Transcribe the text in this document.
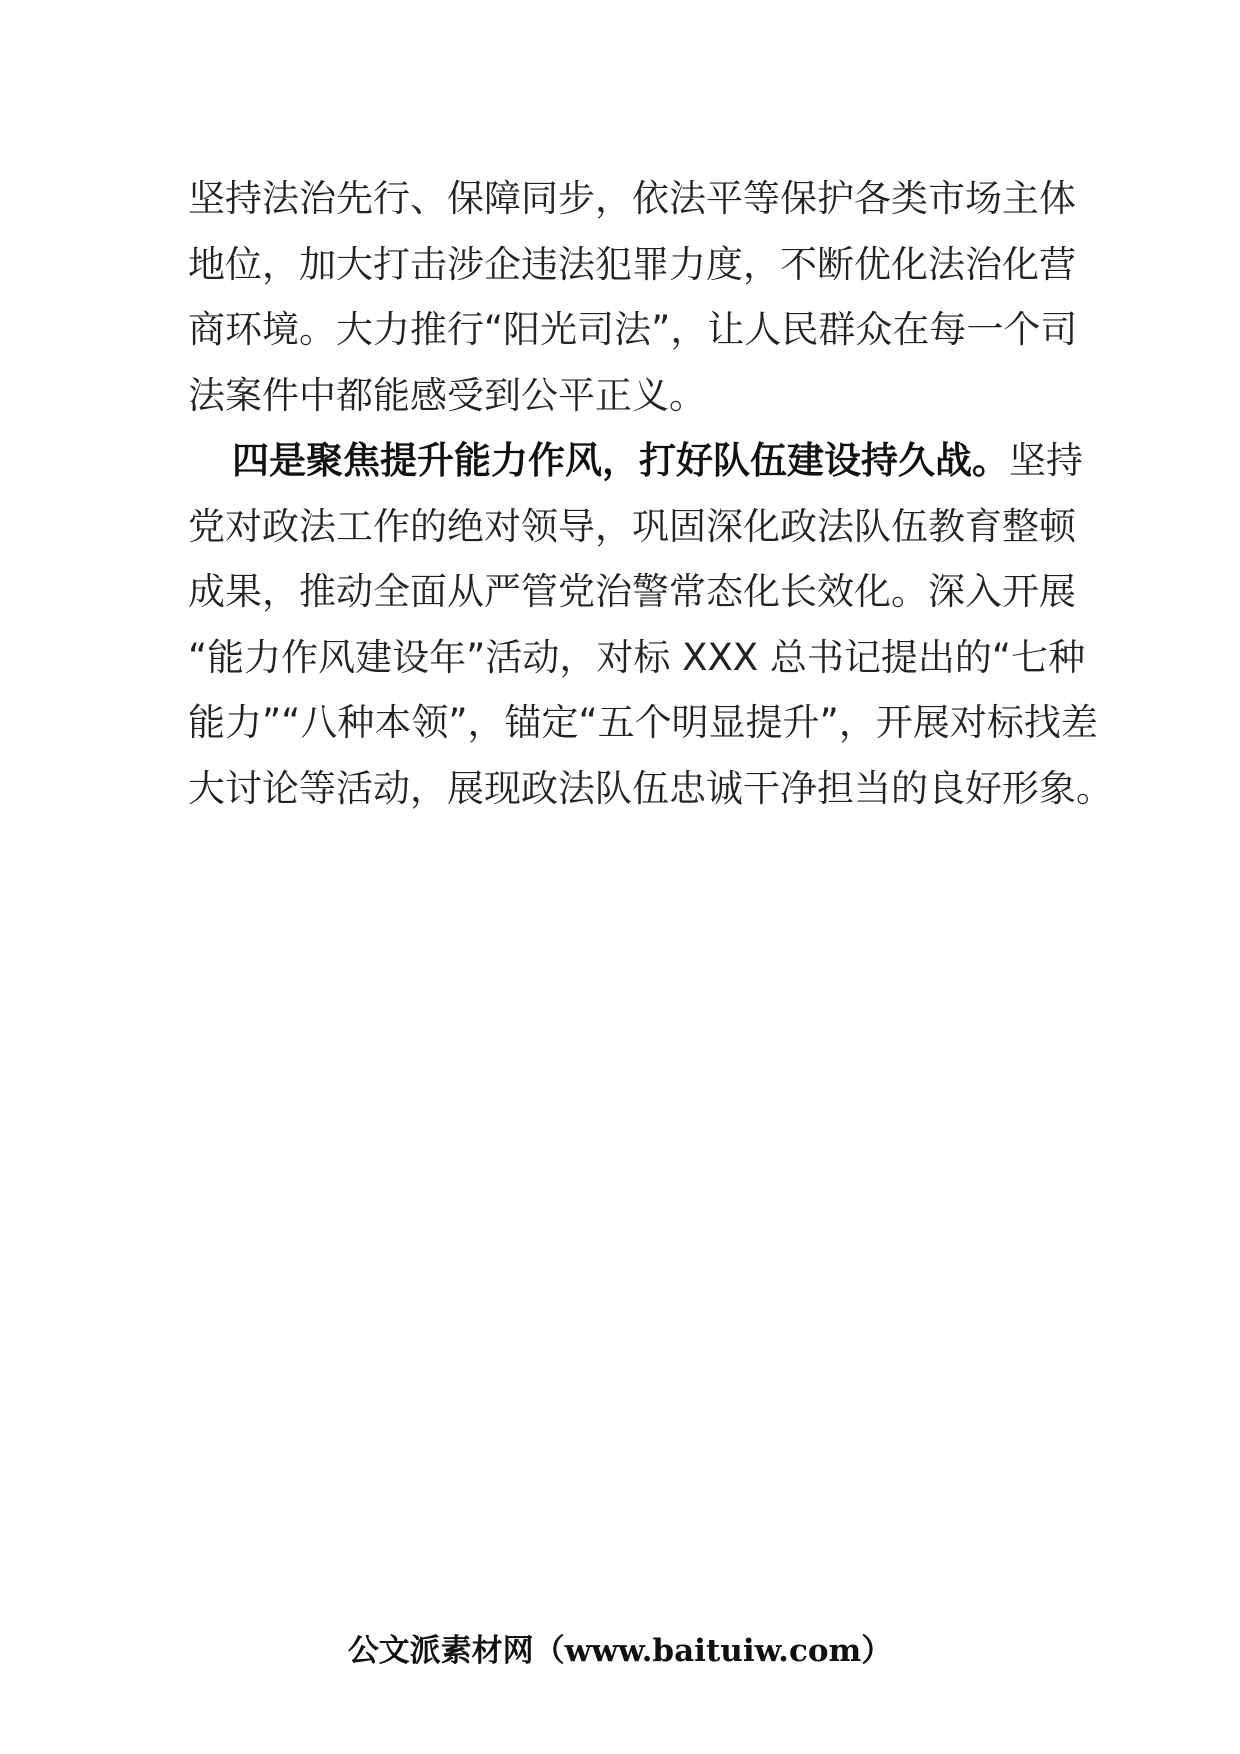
坚持法治先行、保障同步，依法平等保护各类市场主体
地位，加大打击涉企违法犯罪力度，不断优化法治化营
商环境。大力推行“阳光司法”，让人民群众在每一个司
法案件中都能感受到公平正义。
四是聚焦提升能力作风，打好队伍建设持久战。坚持
党对政法工作的绝对领导，巩固深化政法队伍教育整顿
成果，推动全面从严管党治警常态化长效化。深入开展
“能力作风建设年”活动，对标 XXX 总书记提出的“七种
能力”“八种本领”，锚定“五个明显提升”，开展对标找差
大讨论等活动，展现政法队伍忠诚干净担当的良好形象。
公文派素材网（www.baituiw.com）
